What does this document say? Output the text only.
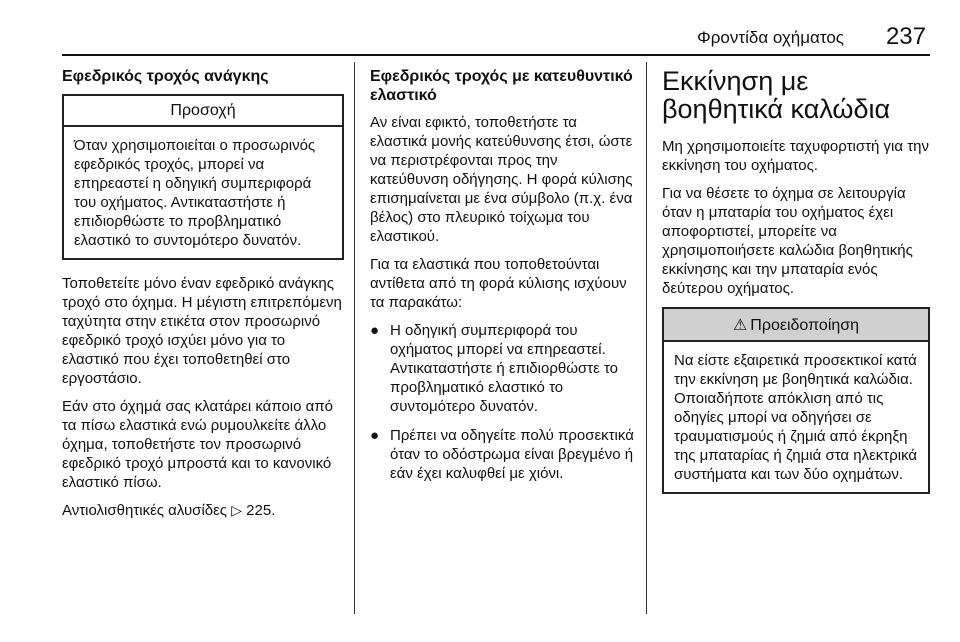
Φροντίδα οχήματος 237
Εφεδρικός τροχός ανάγκης
Προσοχή
Όταν χρησιμοποιείται ο προσωρινός εφεδρικός τροχός, μπορεί να επηρεαστεί η οδηγική συμπεριφορά του οχήματος. Αντικαταστήστε ή επιδιορθώστε το προβληματικό ελαστικό το συντομότερο δυνατόν.

Τοποθετείτε μόνο έναν εφεδρικό ανάγκης τροχό στο όχημα. Η μέγιστη επιτρεπόμενη ταχύτητα στην ετικέτα στον προσωρινό εφεδρικό τροχό ισχύει μόνο για το ελαστικό που έχει τοποθετηθεί στο εργοστάσιο.

Εάν στο όχημά σας κλατάρει κάποιο από τα πίσω ελαστικά ενώ ρυμουλκείτε άλλο όχημα, τοποθετήστε τον προσωρινό εφεδρικό τροχό μπροστά και το κανονικό ελαστικό πίσω.

Αντιολισθητικές αλυσίδες ▷ 225.

Εφεδρικός τροχός με κατευθυντικό ελαστικό

Αν είναι εφικτό, τοποθετήστε τα ελαστικά μονής κατεύθυνσης έτσι, ώστε να περιστρέφονται προς την κατεύθυνση οδήγησης. Η φορά κύλισης επισημαίνεται με ένα σύμβολο (π.χ. ένα βέλος) στο πλευρικό τοίχωμα του ελαστικού.

Για τα ελαστικά που τοποθετούνται αντίθετα από τη φορά κύλισης ισχύουν τα παρακάτω:

● Η οδηγική συμπεριφορά του οχήματος μπορεί να επηρεαστεί. Αντικαταστήστε ή επιδιορθώστε το προβληματικό ελαστικό το συντομότερο δυνατόν.
● Πρέπει να οδηγείτε πολύ προσεκτικά όταν το οδόστρωμα είναι βρεγμένο ή εάν έχει καλυφθεί με χιόνι.
Εκκίνηση με βοηθητικά καλώδια

Μη χρησιμοποιείτε ταχυφορτιστή για την εκκίνηση του οχήματος.

Για να θέσετε το όχημα σε λειτουργία όταν η μπαταρία του οχήματος έχει αποφορτιστεί, μπορείτε να χρησιμοποιήσετε καλώδια βοηθητικής εκκίνησης και την μπαταρία ενός δεύτερου οχήματος.

⚠ Προειδοποίηση
Να είστε εξαιρετικά προσεκτικοί κατά την εκκίνηση με βοηθητικά καλώδια. Οποιαδήποτε απόκλιση από τις οδηγίες μπορί να οδηγήσει σε τραυματισμούς ή ζημιά από έκρηξη της μπαταρίας ή ζημιά στα ηλεκτρικά συστήματα και των δύο οχημάτων.
